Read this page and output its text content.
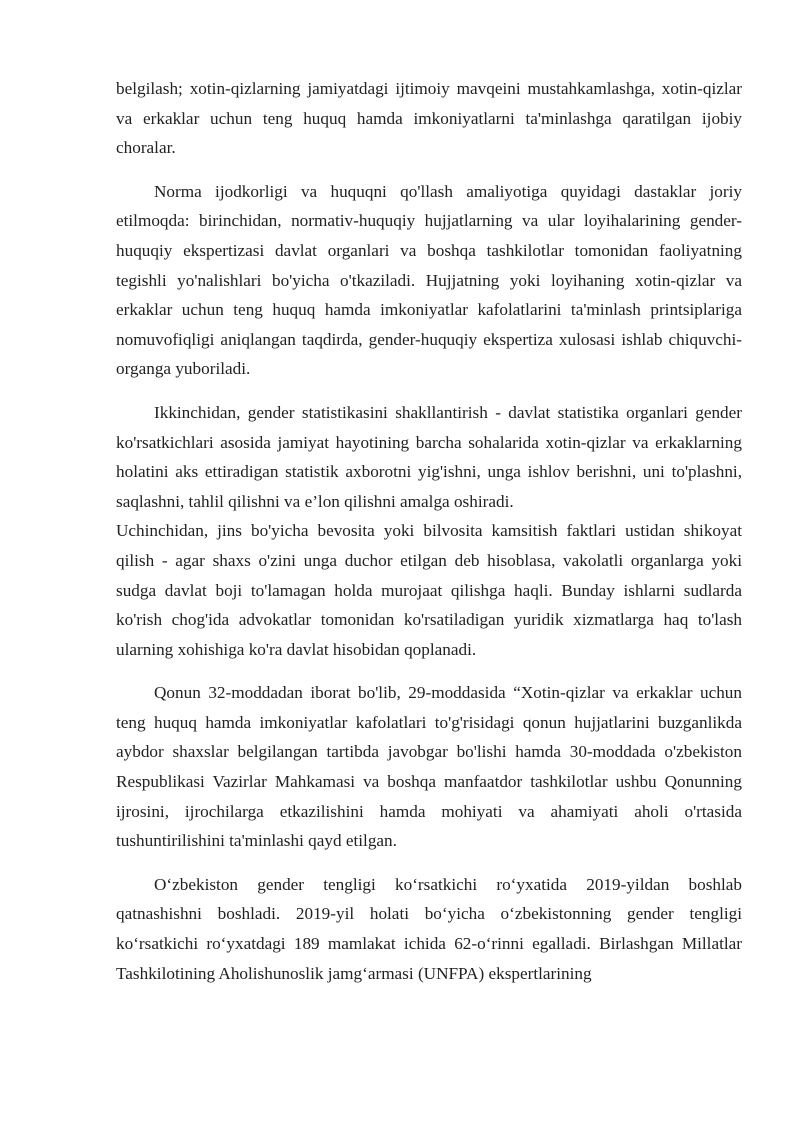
belgilash; xotin-qizlarning jamiyatdagi ijtimoiy mavqeini mustahkamlashga, xotin-qizlar va erkaklar uchun teng huquq hamda imkoniyatlarni ta'minlashga qaratilgan ijobiy choralar.

Norma ijodkorligi va huquqni qo'llash amaliyotiga quyidagi dastaklar joriy etilmoqda: birinchidan, normativ-huquqiy hujjatlarning va ular loyihalarining gender-huquqiy ekspertizasi davlat organlari va boshqa tashkilotlar tomonidan faoliyatning tegishli yo'nalishlari bo'yicha o'tkaziladi. Hujjatning yoki loyihaning xotin-qizlar va erkaklar uchun teng huquq hamda imkoniyatlar kafolatlarini ta'minlash printsiplariga nomuvofiqligi aniqlangan taqdirda, gender-huquqiy ekspertiza xulosasi ishlab chiquvchi-organga yuboriladi.

Ikkinchidan, gender statistikasini shakllantirish - davlat statistika organlari gender ko'rsatkichlari asosida jamiyat hayotining barcha sohalarida xotin-qizlar va erkaklarning holatini aks ettiradigan statistik axborotni yig'ishni, unga ishlov berishni, uni to'plashni, saqlashni, tahlil qilishni va e’lon qilishni amalga oshiradi.

Uchinchidan, jins bo'yicha bevosita yoki bilvosita kamsitish faktlari ustidan shikoyat qilish - agar shaxs o'zini unga duchor etilgan deb hisoblasa, vakolatli organlarga yoki sudga davlat boji to'lamagan holda murojaat qilishga haqli. Bunday ishlarni sudlarda ko'rish chog'ida advokatlar tomonidan ko'rsatiladigan yuridik xizmatlarga haq to'lash ularning xohishiga ko'ra davlat hisobidan qoplanadi.

Qonun 32-moddadan iborat bo'lib, 29-moddasida “Xotin-qizlar va erkaklar uchun teng huquq hamda imkoniyatlar kafolatlari to'g'risidagi qonun hujjatlarini buzganlikda aybdor shaxslar belgilangan tartibda javobgar bo'lishi hamda 30-moddada o'zbekiston Respublikasi Vazirlar Mahkamasi va boshqa manfaatdor tashkilotlar ushbu Qonunning ijrosini, ijrochilarga etkazilishini hamda mohiyati va ahamiyati aholi o'rtasida tushuntirilishini ta'minlashi qayd etilgan.

O‘zbekiston gender tengligi ko‘rsatkichi ro‘yxatida 2019-yildan boshlab qatnashishni boshladi. 2019-yil holati bo‘yicha o‘zbekistonning gender tengligi ko‘rsatkichi ro‘yxatdagi 189 mamlakat ichida 62-o‘rinni egalladi. Birlashgan Millatlar Tashkilotining Aholishunoslik jamg‘armasi (UNFPA) ekspertlarining
